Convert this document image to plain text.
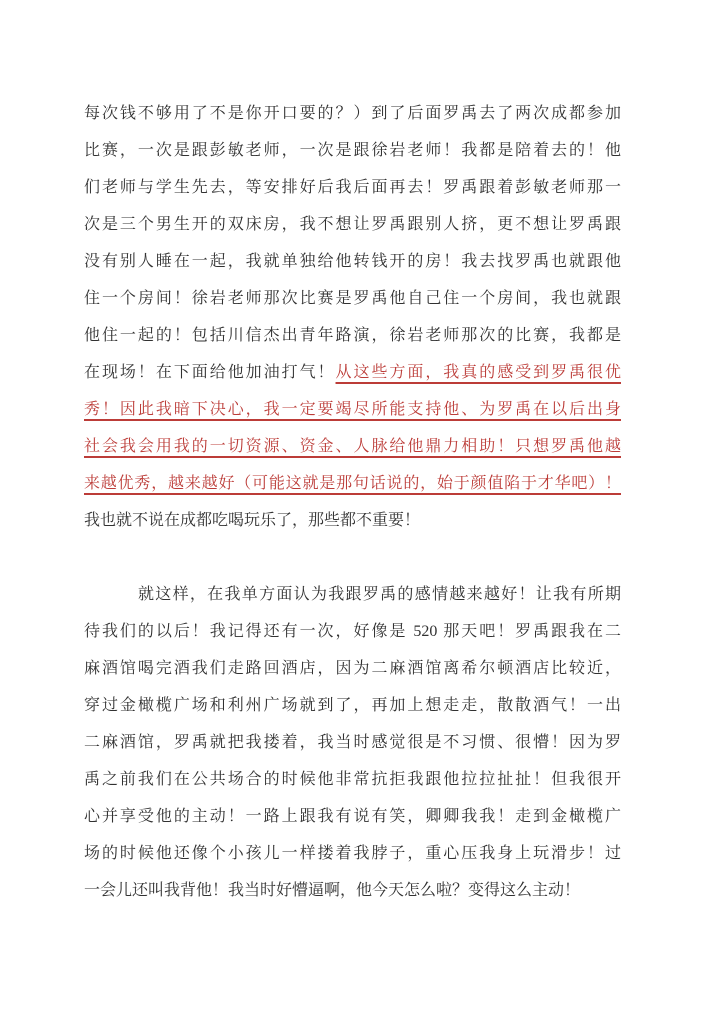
每次钱不够用了不是你开口要的？）到了后面罗禹去了两次成都参加
比赛，一次是跟彭敏老师，一次是跟徐岩老师！我都是陪着去的！他
们老师与学生先去，等安排好后我后面再去！罗禹跟着彭敏老师那一
次是三个男生开的双床房，我不想让罗禹跟别人挤，更不想让罗禹跟
没有别人睡在一起，我就单独给他转钱开的房！我去找罗禹也就跟他
住一个房间！徐岩老师那次比赛是罗禹他自己住一个房间，我也就跟
他住一起的！包括川信杰出青年路演，徐岩老师那次的比赛，我都是
在现场！在下面给他加油打气！从这些方面，我真的感受到罗禹很优
秀！因此我暗下决心，我一定要竭尽所能支持他、为罗禹在以后出身
社会我会用我的一切资源、资金、人脉给他鼎力相助！只想罗禹他越
来越优秀，越来越好（可能这就是那句话说的，始于颜值陷于才华吧）！
我也就不说在成都吃喝玩乐了，那些都不重要！
就这样，在我单方面认为我跟罗禹的感情越来越好！让我有所期
待我们的以后！我记得还有一次，好像是 520 那天吧！罗禹跟我在二
麻酒馆喝完酒我们走路回酒店，因为二麻酒馆离希尔顿酒店比较近，
穿过金橄榄广场和利州广场就到了，再加上想走走，散散酒气！一出
二麻酒馆，罗禹就把我搂着，我当时感觉很是不习惯、很懵！因为罗
禹之前我们在公共场合的时候他非常抗拒我跟他拉拉扯扯！但我很开
心并享受他的主动！一路上跟我有说有笑，卿卿我我！走到金橄榄广
场的时候他还像个小孩儿一样搂着我脖子，重心压我身上玩滑步！过
一会儿还叫我背他！我当时好懵逼啊，他今天怎么啦？变得这么主动！
